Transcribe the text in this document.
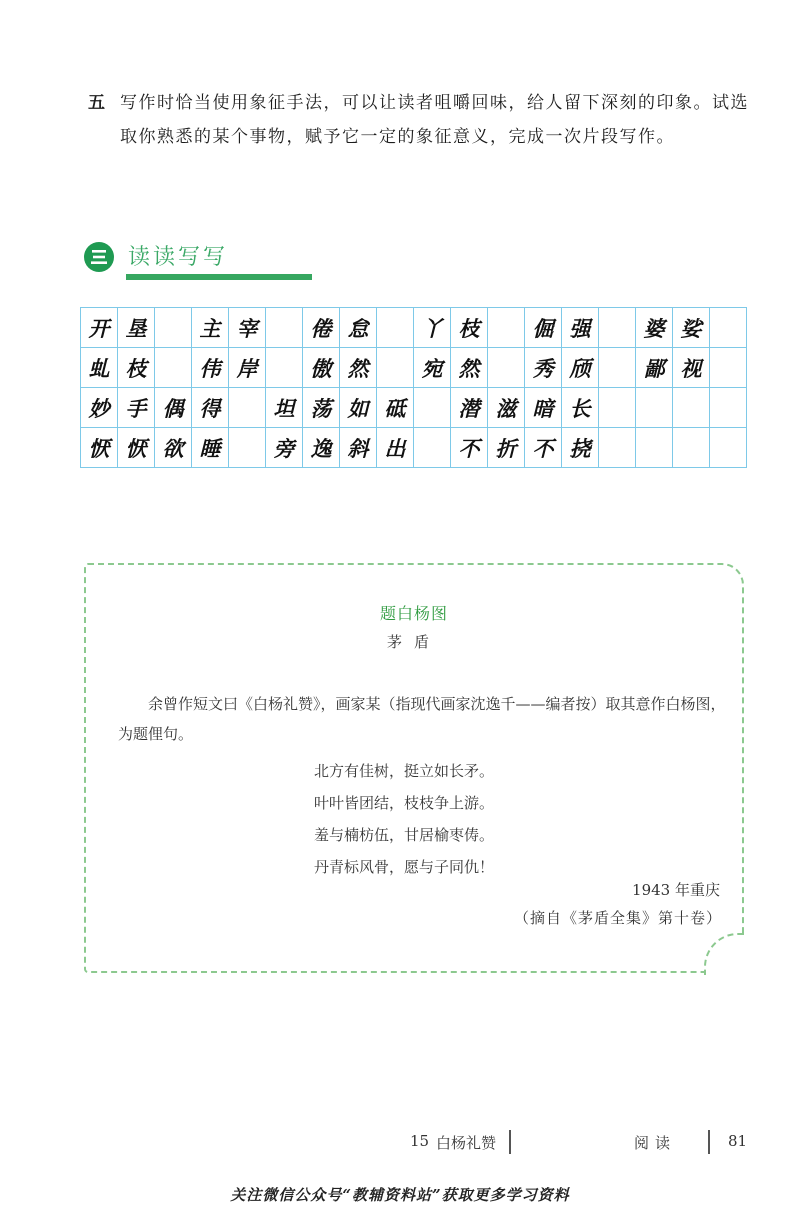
五 写作时恰当使用象征手法，可以让读者咀嚼回味，给人留下深刻的印象。试选取你熟悉的某个事物，赋予它一定的象征意义，完成一次片段写作。
读读写写
开 垦	主 宰	倦 怠	丫 枝	倔 强	婆 娑
虬 枝	伟 岸	傲 然	宛 然	秀 颀	鄙 视
妙 手 偶 得	坦 荡 如 砥	潜 滋 暗 长
恹 恹 欲 睡	旁 逸 斜 出	不 折 不 挠
题白杨图
茅盾
余曾作短文曰《白杨礼赞》，画家某（指现代画家沈逸千——编者按）取其意作白杨图，为题俚句。
北方有佳树，挺立如长矛。
叶叶皆团结，枝枝争上游。
羞与楠枋伍，甘居榆枣俦。
丹青标风骨，愿与子同仇！
1943 年重庆
（摘自《茅盾全集》第十卷）
15 白杨礼赞	阅读	81
关注微信公众号“教辅资料站”获取更多学习资料
